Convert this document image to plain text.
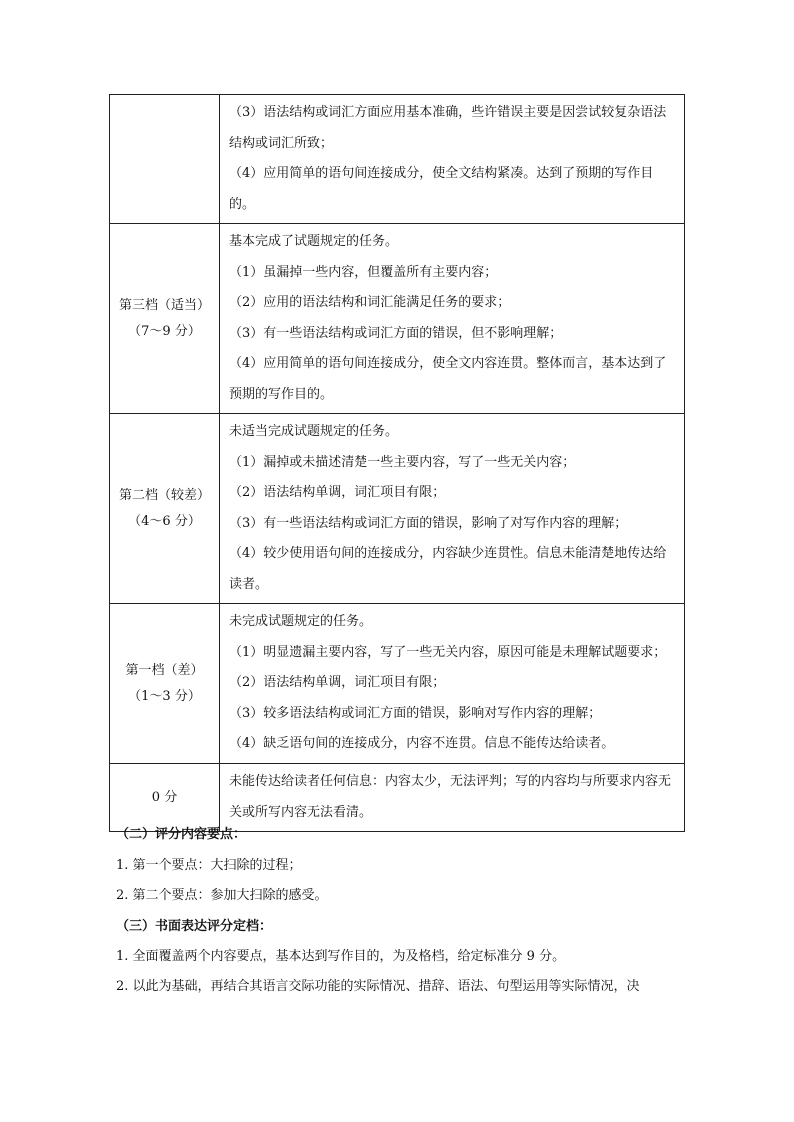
	（3）语法结构或词汇方面应用基本准确，些许错误主要是因尝试较复杂语法结构或词汇所致；
（4）应用简单的语句间连接成分，使全文结构紧凑。达到了预期的写作目的。

第三档（适当）
（7～9 分）	基本完成了试题规定的任务。
（1）虽漏掉一些内容，但覆盖所有主要内容；
（2）应用的语法结构和词汇能满足任务的要求；
（3）有一些语法结构或词汇方面的错误，但不影响理解；
（4）应用简单的语句间连接成分，使全文内容连贯。整体而言，基本达到了预期的写作目的。

第二档（较差）
（4～6 分）	未适当完成试题规定的任务。
（1）漏掉或未描述清楚一些主要内容，写了一些无关内容；
（2）语法结构单调，词汇项目有限；
（3）有一些语法结构或词汇方面的错误，影响了对写作内容的理解；
（4）较少使用语句间的连接成分，内容缺少连贯性。信息未能清楚地传达给读者。

第一档（差）
（1～3 分）	未完成试题规定的任务。
（1）明显遗漏主要内容，写了一些无关内容，原因可能是未理解试题要求；
（2）语法结构单调，词汇项目有限；
（3）较多语法结构或词汇方面的错误，影响对写作内容的理解；
（4）缺乏语句间的连接成分，内容不连贯。信息不能传达给读者。

0 分	未能传达给读者任何信息：内容太少，无法评判；写的内容均与所要求内容无关或所写内容无法看清。
（二）评分内容要点：
1. 第一个要点：大扫除的过程；
2. 第二个要点：参加大扫除的感受。
（三）书面表达评分定档：
1. 全面覆盖两个内容要点，基本达到写作目的，为及格档，给定标准分 9 分。
2. 以此为基础，再结合其语言交际功能的实际情况、措辞、语法、句型运用等实际情况，决
